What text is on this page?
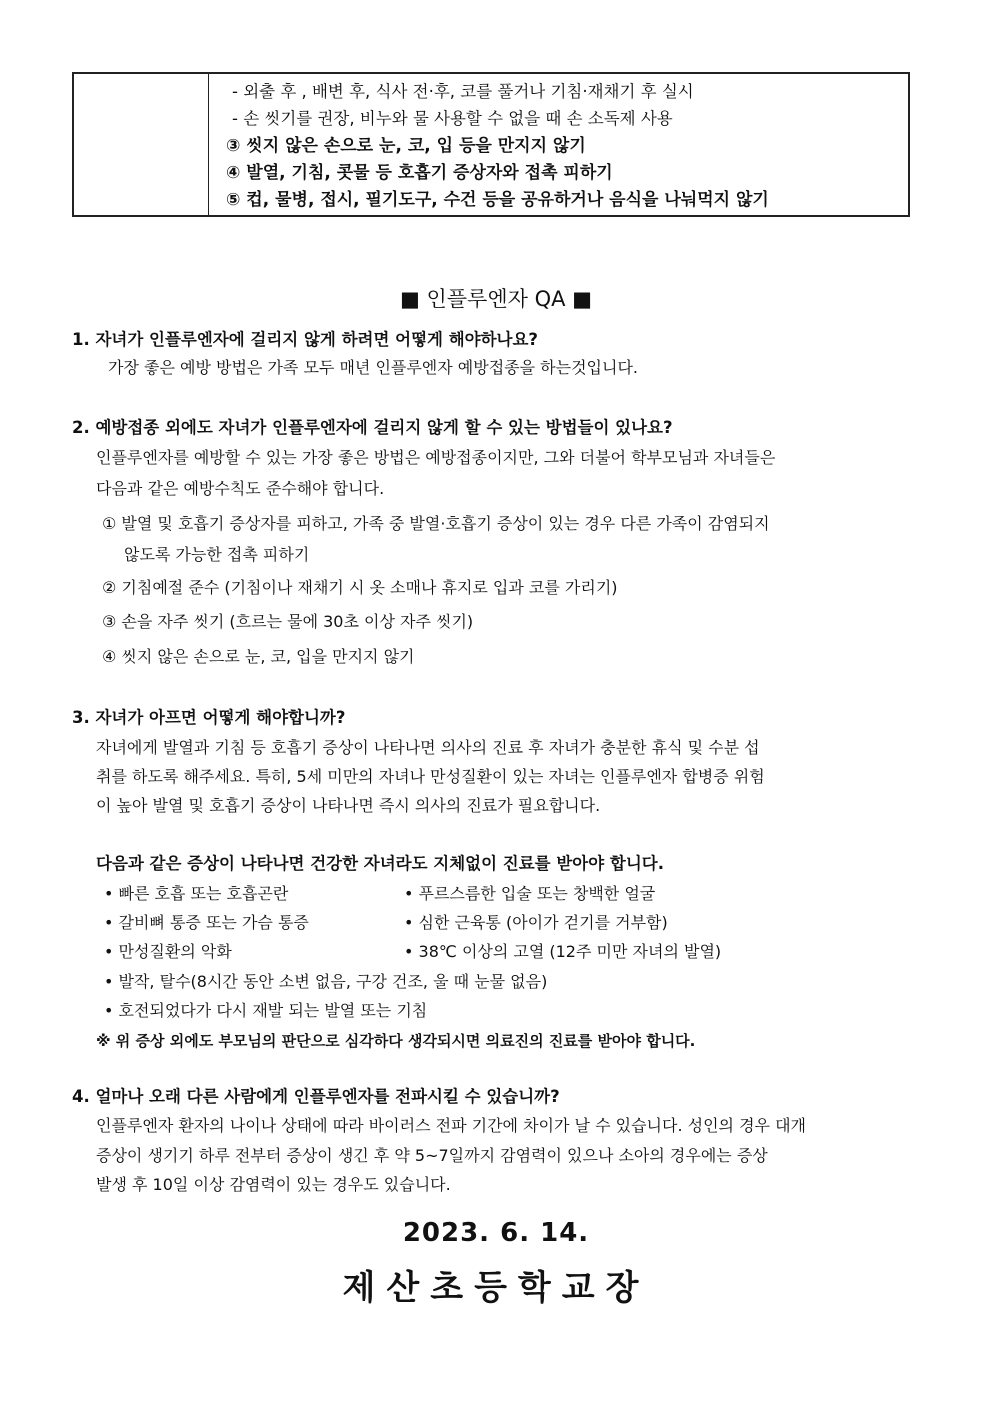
- 외출 후 , 배변 후, 식사 전·후, 코를 풀거나 기침·재채기 후 실시
- 손 씻기를 권장, 비누와 물 사용할 수 없을 때 손 소독제 사용
③ 씻지 않은 손으로 눈, 코, 입 등을 만지지 않기
④ 발열, 기침, 콧물 등 호흡기 증상자와 접촉 피하기
⑤ 컵, 물병, 접시, 필기도구, 수건 등을 공유하거나 음식을 나눠먹지 않기
■ 인플루엔자 QA ■
1. 자녀가 인플루엔자에 걸리지 않게 하려면 어떻게 해야하나요?
가장 좋은 예방 방법은 가족 모두 매년 인플루엔자 예방접종을 하는것입니다.
2. 예방접종 외에도 자녀가 인플루엔자에 걸리지 않게 할 수 있는 방법들이 있나요?
인플루엔자를 예방할 수 있는 가장 좋은 방법은 예방접종이지만, 그와 더불어 학부모님과 자녀들은
다음과 같은 예방수칙도 준수해야 합니다.
① 발열 및 호흡기 증상자를 피하고, 가족 중 발열·호흡기 증상이 있는 경우 다른 가족이 감염되지
않도록 가능한 접촉 피하기
② 기침예절 준수 (기침이나 재채기 시 옷 소매나 휴지로 입과 코를 가리기)
③ 손을 자주 씻기 (흐르는 물에 30초 이상 자주 씻기)
④ 씻지 않은 손으로 눈, 코, 입을 만지지 않기
3. 자녀가 아프면 어떻게 해야합니까?
자녀에게 발열과 기침 등 호흡기 증상이 나타나면 의사의 진료 후 자녀가 충분한 휴식 및 수분 섭
취를 하도록 해주세요. 특히, 5세 미만의 자녀나 만성질환이 있는 자녀는 인플루엔자 합병증 위험
이 높아 발열 및 호흡기 증상이 나타나면 즉시 의사의 진료가 필요합니다.
다음과 같은 증상이 나타나면 건강한 자녀라도 지체없이 진료를 받아야 합니다.
• 빠른 호흡 또는 호흡곤란	• 푸르스름한 입술 또는 창백한 얼굴
• 갈비뼈 통증 또는 가슴 통증	• 심한 근육통 (아이가 걷기를 거부함)
• 만성질환의 악화	• 38℃ 이상의 고열 (12주 미만 자녀의 발열)
• 발작, 탈수(8시간 동안 소변 없음, 구강 건조, 울 때 눈물 없음)
• 호전되었다가 다시 재발 되는 발열 또는 기침
※ 위 증상 외에도 부모님의 판단으로 심각하다 생각되시면 의료진의 진료를 받아야 합니다.
4. 얼마나 오래 다른 사람에게 인플루엔자를 전파시킬 수 있습니까?
인플루엔자 환자의 나이나 상태에 따라 바이러스 전파 기간에 차이가 날 수 있습니다. 성인의 경우 대개
증상이 생기기 하루 전부터 증상이 생긴 후 약 5~7일까지 감염력이 있으나 소아의 경우에는 증상
발생 후 10일 이상 감염력이 있는 경우도 있습니다.
2023. 6. 14.
제산초등학교장
